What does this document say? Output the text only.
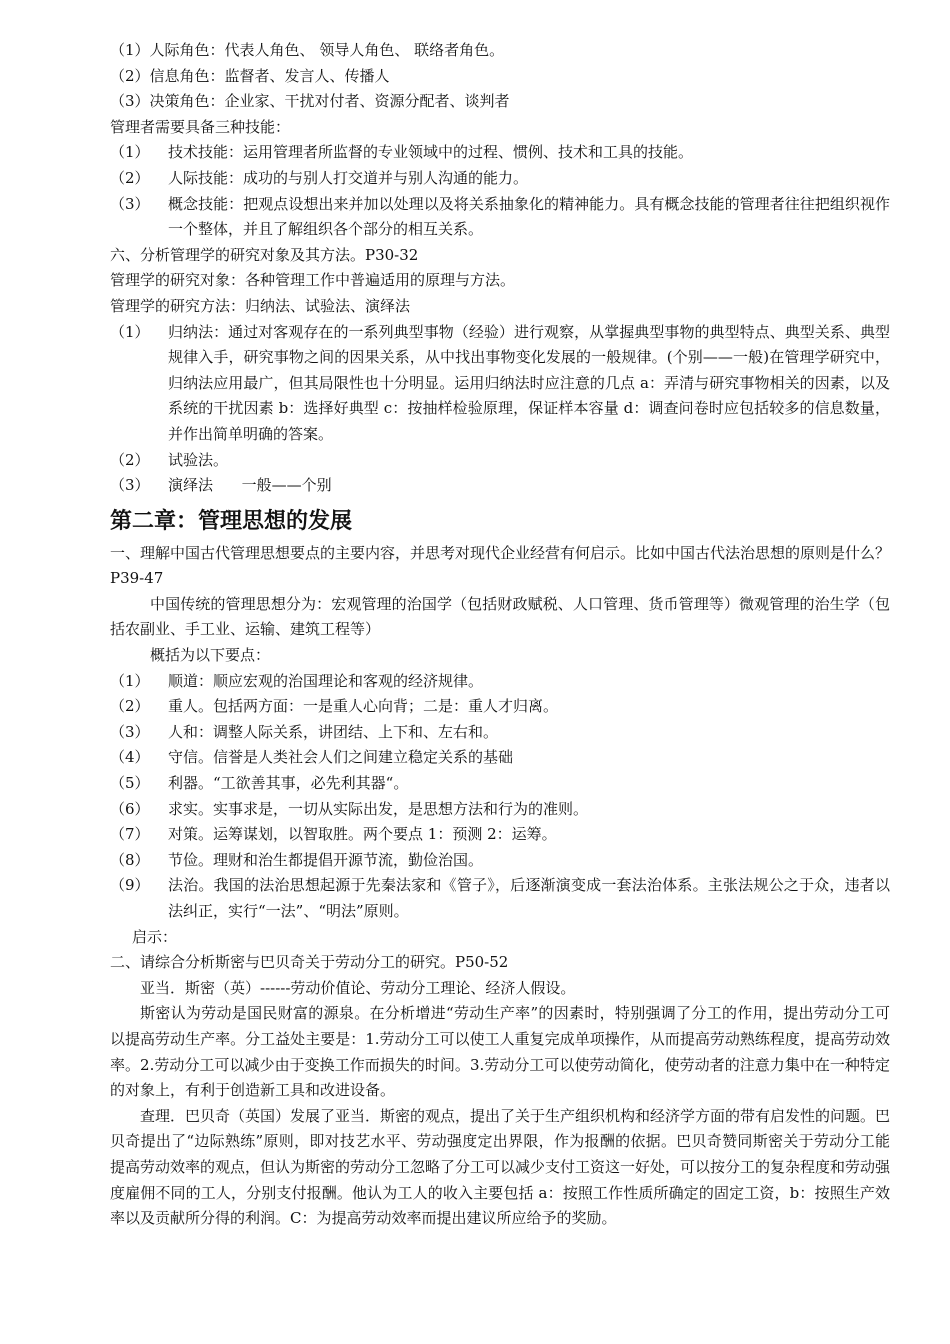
（1）人际角色：代表人角色、 领导人角色、 联络者角色。
（2）信息角色：监督者、发言人、传播人
（3）决策角色：企业家、干扰对付者、资源分配者、谈判者
管理者需要具备三种技能：
（1）	技术技能：运用管理者所监督的专业领域中的过程、惯例、技术和工具的技能。
（2）	人际技能：成功的与别人打交道并与别人沟通的能力。
（3）	概念技能：把观点设想出来并加以处理以及将关系抽象化的精神能力。具有概念技能的管理者往往把组织视作一个整体，并且了解组织各个部分的相互关系。
六、分析管理学的研究对象及其方法。P30-32
管理学的研究对象：各种管理工作中普遍适用的原理与方法。
管理学的研究方法：归纳法、试验法、演绎法
（1）	归纳法：通过对客观存在的一系列典型事物（经验）进行观察，从掌握典型事物的典型特点、典型关系、典型规律入手，研究事物之间的因果关系，从中找出事物变化发展的一般规律。(个别——一般)在管理学研究中，归纳法应用最广，但其局限性也十分明显。运用归纳法时应注意的几点 a：弄清与研究事物相关的因素，以及系统的干扰因素 b：选择好典型 c：按抽样检验原理，保证样本容量 d：调查问卷时应包括较多的信息数量，并作出简单明确的答案。
（2）	试验法。
（3）	演绎法      一般——个别
第二章：管理思想的发展
一、理解中国古代管理思想要点的主要内容，并思考对现代企业经营有何启示。比如中国古代法治思想的原则是什么？P39-47
中国传统的管理思想分为：宏观管理的治国学（包括财政赋税、人口管理、货币管理等）微观管理的治生学（包括农副业、手工业、运输、建筑工程等）
概括为以下要点：
（1）	顺道：顺应宏观的治国理论和客观的经济规律。
（2）	重人。包括两方面：一是重人心向背；二是：重人才归离。
（3）	人和：调整人际关系，讲团结、上下和、左右和。
（4）	守信。信誉是人类社会人们之间建立稳定关系的基础
（5）	利器。“工欲善其事，必先利其器“。
（6）	求实。实事求是，一切从实际出发，是思想方法和行为的准则。
（7）	对策。运筹谋划，以智取胜。两个要点 1：预测 2：运筹。
（8）	节俭。理财和治生都提倡开源节流，勤俭治国。
（9）	法治。我国的法治思想起源于先秦法家和《管子》，后逐渐演变成一套法治体系。主张法规公之于众，违者以法纠正，实行“一法”、“明法”原则。
启示：
二、请综合分析斯密与巴贝奇关于劳动分工的研究。P50-52
亚当．斯密（英）------劳动价值论、劳动分工理论、经济人假设。
斯密认为劳动是国民财富的源泉。在分析增进“劳动生产率”的因素时，特别强调了分工的作用，提出劳动分工可以提高劳动生产率。分工益处主要是：1.劳动分工可以使工人重复完成单项操作，从而提高劳动熟练程度，提高劳动效率。2.劳动分工可以减少由于变换工作而损失的时间。3.劳动分工可以使劳动简化，使劳动者的注意力集中在一种特定的对象上，有利于创造新工具和改进设备。
查理．巴贝奇（英国）发展了亚当．斯密的观点，提出了关于生产组织机构和经济学方面的带有启发性的问题。巴贝奇提出了“边际熟练”原则，即对技艺水平、劳动强度定出界限，作为报酬的依据。巴贝奇赞同斯密关于劳动分工能提高劳动效率的观点，但认为斯密的劳动分工忽略了分工可以减少支付工资这一好处，可以按分工的复杂程度和劳动强度雇佣不同的工人，分别支付报酬。他认为工人的收入主要包括 a：按照工作性质所确定的固定工资，b：按照生产效率以及贡献所分得的利润。C：为提高劳动效率而提出建议所应给予的奖励。
